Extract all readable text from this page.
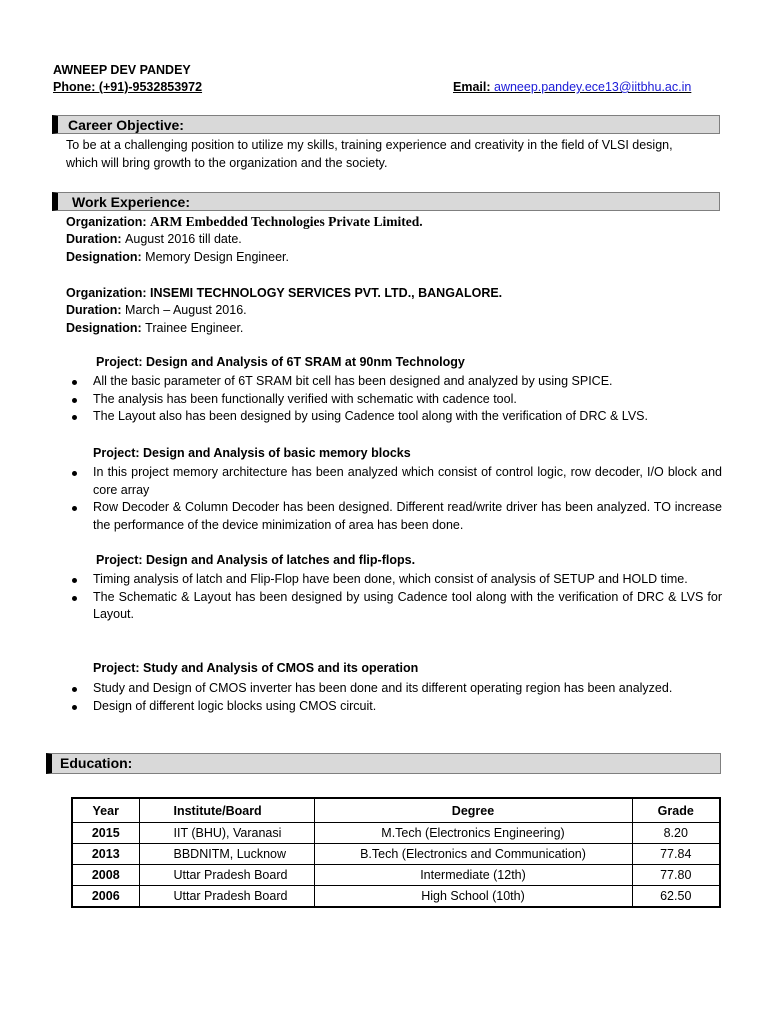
AWNEEP DEV PANDEY
Phone: (+91)-9532853972	Email: awneep.pandey.ece13@iitbhu.ac.in
Career Objective:
To be at a challenging position to utilize my skills, training experience and creativity in the field of VLSI design, which will bring growth to the organization and the society.
Work Experience:
Organization: ARM Embedded Technologies Private Limited.
Duration: August 2016 till date.
Designation: Memory Design Engineer.
Organization: INSEMI TECHNOLOGY SERVICES PVT. LTD., BANGALORE.
Duration: March – August 2016.
Designation: Trainee Engineer.
Project: Design and Analysis of 6T SRAM at 90nm Technology
All the basic parameter of 6T SRAM bit cell has been designed and analyzed by using SPICE.
The analysis has been functionally verified with schematic with cadence tool.
The Layout also has been designed by using Cadence tool along with the verification of DRC & LVS.
Project: Design and Analysis of basic memory blocks
In this project memory architecture has been analyzed which consist of control logic, row decoder, I/O block and core array
Row Decoder & Column Decoder has been designed. Different read/write driver has been analyzed. TO increase the performance of the device minimization of area has been done.
Project: Design and Analysis of latches and flip-flops.
Timing analysis of latch and Flip-Flop have been done, which consist of analysis of SETUP and HOLD time.
The Schematic & Layout has been designed by using Cadence tool along with the verification of DRC & LVS for Layout.
Project: Study and Analysis of CMOS and its operation
Study and Design of CMOS inverter has been done and its different operating region has been analyzed.
Design of different logic blocks using CMOS circuit.
Education:
Year	Institute/Board	Degree	Grade
2015	IIT (BHU), Varanasi	M.Tech (Electronics Engineering)	8.20
2013	BBDNITM, Lucknow	B.Tech (Electronics and Communication)	77.84
2008	Uttar Pradesh Board	Intermediate (12th)	77.80
2006	Uttar Pradesh Board	High School (10th)	62.50
